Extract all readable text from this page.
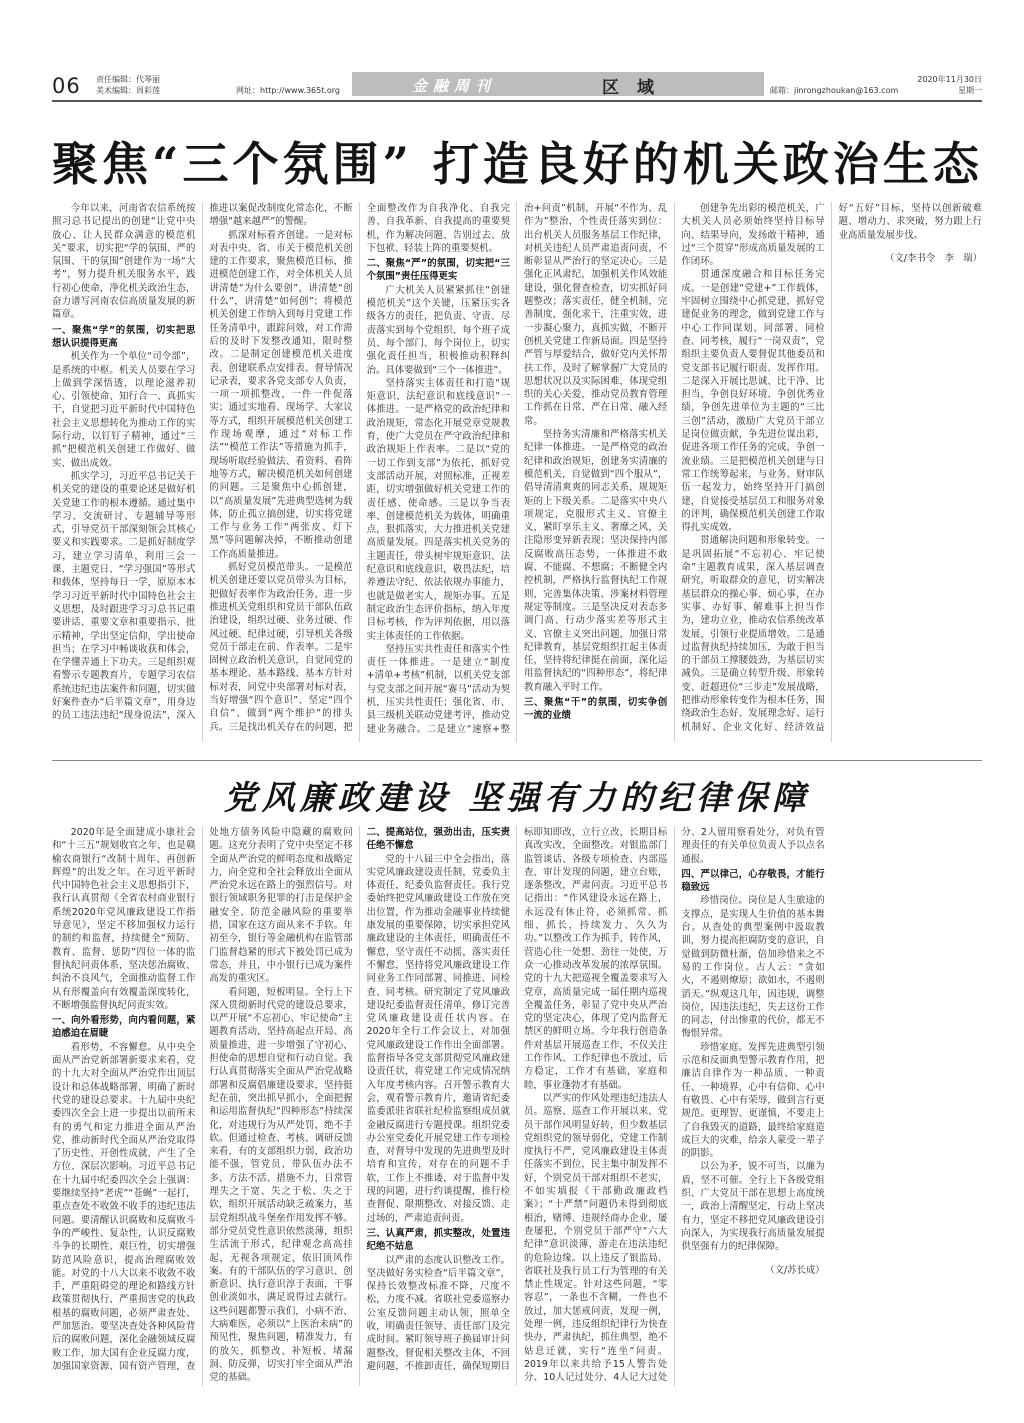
06 责任编辑：代琴丽
美术编辑：周彩莲	网址：http://www.365t.org	金融周刊	区域	邮箱：jinrongzhoukan@163.com
2020年11月30日
星期一
聚焦“三个氛围” 打造良好的机关政治生态

今年以来，河南省农信系统按照习总书记提出的创建“让党中央放心、让人民群众满意的模范机关”要求，切实把“学的氛围、严的氛围、干的氛围”创建作为一场“大考”，努力提升机关服务水平，践行初心使命，净化机关政治生态，奋力谱写河南农信高质量发展的新篇章。

一、聚焦“学”的氛围，切实把思想认识提得更高

机关作为一个单位“司令部”，是系统的中枢。机关人员要在学习上做到学深悟透，以理论滋养初心、引领使命、知行合一、真抓实干，自觉把习近平新时代中国特色社会主义思想转化为推动工作的实际行动，以钉钉子精神，通过“三抓”把模范机关创建工作做好、做实、做出成效。

抓实学习，习近平总书记关于机关党的建设的重要论述是做好机关党建工作的根本遵循。通过集中学习、交流研讨、专题辅导等形式，引导党员干部深刻领会其核心要义和实践要求。二是抓好制度学习，建立学习清单，利用三会一课、主题党日、“学习强国”等形式和载体，坚持每日一学，原原本本学习习近平新时代中国特色社会主义思想，及时跟进学习习总书记重要讲话、重要文章和重要指示、批示精神，学出坚定信仰，学出使命担当；在学习中畅谈收获和体会，在学懂弄通上下功夫。三是组织观看警示专题教育片，专题学习农信系统违纪违法案件和问题，切实做好案件查办“后半篇文章”，用身边的员工违法违纪“现身说法”，深入推进以案促改制度化常态化，不断增强“越来越严”的警醒。

抓深对标看齐创建。一是对标对表中央、省、市关于模范机关创建的工作要求，聚焦模范目标，推进模范创建工作，对全体机关人员讲清楚“为什么要创”，讲清楚“创什么”，讲清楚“如何创”；将模范机关创建工作纳入到每月党建工作任务清单中，跟踪问效，对工作滞后的及时下发整改通知，限时整改。二是制定创建模范机关进度表、创建联系点安排表、督导情况记录表，要求各党支部专人负责，一项一项抓整改，一件一件促落实；通过实地看、现场学、大家议等方式，组织开展模范机关创建工作现场观摩，通过“对标工作法”“模范工作法”等措施为抓手，现场听取经验做法、看资料、看阵地等方式，解决模范机关如何创建的问题。三是聚焦中心抓创建，以“高质量发展”先进典型选树为载体，防止孤立搞创建，切实将党建工作与业务工作“两张皮、灯下黑”等问题解决掉，不断推动创建工作高质量推进。

抓好党员模范带头。一是模范机关创建还要以党员带头为目标，把做好表率作为政治任务，进一步推进机关党组织和党员干部队伍政治建设，组织过硬、业务过硬、作风过硬、纪律过硬，引导机关各级党员干部走在前、作表率。二是牢固树立政治机关意识，自觉同党的基本理论、基本路线、基本方针对标对表，同党中央部署对标对表，当好增强“四个意识”、坚定“四个自信”、做到“两个维护”的排头兵。三是找出机关存在的问题，把全面整改作为自我净化、自我完善、自我革新、自我提高的重要契机，作为解决问题、告别过去、放下包袱、轻装上阵的重要契机。

二、聚焦“严”的氛围，切实把“三个氛围”责任压得更实

广大机关人员紧紧抓住“创建模范机关”这个关键，压紧压实各级各方的责任，把负责、守责、尽责落实到每个党组织、每个班子成员、每个部门、每个岗位上，切实强化责任担当，积极推动积释纠治。具体要做到“三个一体推进”。

坚持落实主体责任和打造“规矩意识、法纪意识和底线意识”一体推进。一是严格党的政治纪律和政治规矩，常态化开展党章党规教育，使广大党员在严守政治纪律和政治规矩上作表率。二是以“党的一切工作到支部”为依托，抓好党支部活动开展，对照标准，正视差距，切实增强做好机关党建工作的责任感、使命感。三是以争当表率、创建模范机关为载体，明确重点，狠抓落实，大力推进机关党建高质量发展。四是落实机关党务的主题责任，带头树牢规矩意识、法纪意识和底线意识，敬畏法纪，培养遵法守纪、依法依规办事能力，也就是做老实人，规矩办事。五是制定政治生态评价指标，纳入年度目标考核，作为评判依据，用以落实主体责任的工作依据。

坚持压实共性责任和落实个性责任一体推进。一是建立“制度+清单+考核”机制，以机关党支部与党支部之间开展“赛马”活动为契机，压实共性责任；强化省、市、县三级机关联动党建考评，推动党建业务融合。二是建立“速察+整治+问责”机制，开展“不作为、乱作为”整治，个性责任落实到位：出台机关人员服务基层工作纪律，对机关违纪人员严肃追责问责，不断彰显从严治行的坚定决心。三是强化正风肃纪，加强机关作风效能建设，强化督查检查，切实抓好问题整改；落实责任，健全机制，完善制度，强化求干，注重实效，进一步凝心聚力，真抓实做，不断开创机关党建工作新局面。四是坚持严管与厚爱结合，做好党内关怀帮扶工作，及时了解掌握广大党员的思想状况以及实际困难，体现党组织的关心关爱，推动党员教育管理工作抓在日常、严在日常、融入经常。

坚持务实清廉和严格落实机关纪律一体推进。一是严格党的政治纪律和政治规矩，创建务实清廉的模范机关，自觉做到“四个服从”，倡导清清爽爽的同志关系，规规矩矩的上下级关系。二是落实中央八项规定，克服形式主义、官僚主义，紧盯享乐主义、奢靡之风，关注隐形变异新表现；坚决保持内部反腐败高压态势，一体推进不敢腐、不能腐、不想腐；不断健全内控机制，严格执行监督执纪工作规则，完善集体决策、涉案材料管理规定等制度。三是坚决反对表态多调门高、行动少落实差等形式主义、官僚主义突出问题，加强日常纪律教育，基层党组织扛起主体责任，坚持将纪律挺在前面，深化运用监督执纪的“四种形态”，将纪律教育融入平时工作。

三、聚焦“干”的氛围，切实争创一流的业绩

创建争先出彩的模范机关，广大机关人员必须始终坚持目标导向、结果导向，发扬敢干精神，通过“三个贯穿”形成高质量发展的工作闭环。

贯通深度融合和目标任务完成。一是创建“党建+”工作载体，牢固树立围绕中心抓党建，抓好党建促业务的理念，做到党建工作与中心工作同谋划、同部署、同检查、同考核，履行“一岗双责”，党组织主要负责人要督促其他委员和党支部书记履行职责、发挥作用。二是深入开展比思诚、比干净、比担当，争创良好环境、争创优秀业绩，争创先进单位为主题的“三比三创”活动，激励广大党员干部立足岗位做贡献，争先进位谋出彩，促进各项工作任务的完成，争创一流业绩。三是把模范机关创建与日常工作统筹起来，与业务、财审队伍一起发力，始终坚持开门搞创建，自觉接受基层员工和服务对象的评判，确保模范机关创建工作取得扎实成效。

贯通解决问题和形象转变。一是巩固拓展“不忘初心、牢记使命”主题教育成果，深入基层调查研究，听取群众的意见，切实解决基层群众的操心事、烦心事，在办实事、办好事、解难事上担当作为，建功立业，推动农信系统改革发展，引领行业提质增效。二是通过监督执纪持续加压，为敢于担当的干部员工撑腰鼓劲，为基层切实减负。三是确立转型升级、形象转变、赶超进位“三步走”发展战略，把推动形象转变作为根本任务，围绕政治生态好、发展理念好、运行机制好、企业文化好、经济效益好“五好”目标，坚持以创新破难题、增动力、求突破，努力跟上行业高质量发展步伐。

（文/李书令　李　瑞）

党风廉政建设 坚强有力的纪律保障

2020年是全面建成小康社会和“十三五”规划收官之年，也是赣榆农商银行“改制十周年、再创新辉煌”的出发之年。在习近平新时代中国特色社会主义思想指引下，我行认真贯彻《全省农村商业银行系统2020年党风廉政建设工作指导意见》，坚定不移加强权力运行的制约和监督，持续健全“预防、教育、监督、惩防”四位一体的监督执纪问责体系，坚决惩治腐败、纠治不良风气，全面推动监督工作从有形覆盖向有效覆盖深度转化，不断增强监督执纪问责实效。

一、向外看形势，向内看问题，紧迫感迫在眉睫

看形势，不容懈怠。从中央全面从严治党新部署新要求来看，党的十九大对全面从严治党作出顶层设计和总体战略部署，明确了新时代党的建设总要求。十九届中央纪委四次全会上进一步提出以前所未有的勇气和定力推进全面从严治党，推动新时代全面从严治党取得了历史性、开创性成就，产生了全方位、深层次影响。习近平总书记在十九届中纪委四次全会上强调：要继续坚持“老虎”“苍蝇”一起打，重点查处不收敛不收手的违纪违法问题。要清醒认识腐败和反腐败斗争的严峻性、复杂性，认识反腐败斗争的长期性、艰巨性，切实增强防范风险意识，提高治理腐败效能。对党的十八大以来不收敛不收手，严重阻碍党的理论和路线方针政策贯彻执行、严重损害党的执政根基的腐败问题，必须严肃查处、严加惩治。要坚决查处各种风险背后的腐败问题，深化金融领域反腐败工作，加大国有企业反腐力度，加强国家资源、国有资产管理，查处地方债务风险中隐藏的腐败问题。这充分表明了党中央坚定不移全面从严治党的鲜明态度和战略定力，向全党和全社会释放出全面从严治党永远在路上的强烈信号。对银行领域职务犯罪的打击是保护金融安全、防范金融风险的重要举措，国家在这方面从来不手软。年初至今，银行等金融机构在监管部门监督趋紧的形式下被处罚已成为常态，并且，中小银行已成为案件高发的重灾区。

看问题，短板明显。全行上下深入贯彻新时代党的建设总要求，以严开展“不忘初心、牢记使命”主题教育活动，坚持高起点开局、高质量推进，进一步增强了守初心、担使命的思想自觉和行动自觉。我行认真贯彻落实全面从严治党战略部署和反腐倡廉建设要求，坚持挺纪在前，突出抓早抓小，全面把握和运用监督执纪“四种形态”持续深化，对违规行为从严处罚，绝不手软。但通过检查、考核、调研反馈来看，有的支部组织力弱，政治功能不强，管党员、带队伍办法不多、方法不活、措施不力，日常管理失之于宽、失之于松、失之于软，组织开展活动缺乏疏案力，基层党组织战斗堡垒作用发挥不够。部分党员党性意识依然淡薄，组织生活流于形式，纪律观念高高挂起，无视各项规定，依旧顶风作案。有的干部队伍的学习意识、创新意识、执行意识淳于表面，干事创业淡如水，满足说得过去就行。这些问题都警示我们，小病不治、大病难医，必须以“上医治未病”的预见性，聚焦问题，精准发力，有的放矢，抓整改、补短板、堵漏洞、防反弹，切实打牢全面从严治党的基础。

二、提高站位，强劲出击，压实责任绝不懈怠

党的十八届三中全会指出，落实党风廉政建设责任制，党委负主体责任，纪委负监督责任。我行党委始终把党风廉政建设工作放在突出位置，作为推动金融事业持续健康发展的重要保障，切实承担党风廉政建设的主体责任，明确责任不懈怠，坚守责任不动摇，落实责任不懈怠，坚持将党风廉政建设工作同业务工作同部署、同推进、同检查、同考核。研究制定了党风廉政建设纪委监督责任清单，修订完善党风廉政建设责任状内容。在2020年全行工作会议上，对加强党风廉政建设工作作出全面部署。监督指导各党支部贯彻党风廉政建设责任状，将党建工作完成情况纳入年度考核内容。召开警示教育大会，观看警示教育片，邀请省纪委监委派驻省联社纪检监察组成员就金融反腐进行专题授课。组织党委办公室党委化开展党建工作专项检查，对督导中发现的先进典型及时培育和宣传，对存在的问题不手软，工作上不推诿，对于监督中发现的问题，进行约谈提醒，推行检查督促、限期整改、对接反馈、走过场的，严肃追责问责。

三、认真严肃，抓实整改，处置违纪绝不姑息

以严肃的态度认识整改工作。坚决做好务实检查“后半篇文章”，保持长效整改标准不降，尺度不松，力度不减。省联社党委巡察办公室反馈问题主动认领，照单全收，明确责任领导、责任部门及完成时间。紧盯领导班子换届审计问题整改，督促相关整改主体，不回避问题，不推卸责任，确保短期目标即知即改，立行立改，长期目标真改实改，全面整改。对银监部门监管谈话、各级专项检查、内部巡查、审计发现的问题，建立台账，逐条整改，严肃问责。习近平总书记指出：“作风建设永远在路上，永远没有休止符，必须抓常、抓细、抓长，持续发力、久久为功。”以整改工作为抓手，转作风，营造心往一处想、劲往一处使，万众一心推动改革发展的浓厚氛围。党的十九大把巡视全覆盖要求写入党章，高质量完成一届任期内巡视全覆盖任务，彰显了党中央从严治党的坚定决心，体现了党内监督无禁区的鲜明立场。今年我行创造条件对基层开展巡查工作，不仅关注工作作风、工作纪律也不放过，后方稳定，工作才有基础，家庭和睦，事业蓬勃才有基础。

以严实的作风处理违纪违法人员。巡察、巡查工作开展以来，党员干部作风明显好转，但少数基层党组织党的领导弱化，党建工作制度执行不严，党风廉政建设主体责任落实不到位，民主集中制发挥不好，个别党员干部对组织不老实，不如实填报《干部勤政廉政档案》；“十严禁”问题仍未得到彻底根治，赌博、违规经商办企业，屡查屡犯，个别党员干部严守“六大纪律”意识淡薄，游走在违法违纪的危险边缘。以上违反了银监局、省联社及我行员工行为管理的有关禁止性规定。针对这些问题，“零容忍”，一条也不含糊，一件也不放过，加大惩戒问责，发现一例，处理一例，违反组织纪律行为快查快办，严肃执纪，抓住典型，绝不姑息迁就，实行“连坐”问责。2019年以来共给予15人警告处分、10人记过处分、4人记大过处分、2人留用察看处分，对负有管理责任的有关单位负责人予以点名通报。

四、严以律己，心存敬畏，才能行稳致远

珍惜岗位。岗位是人生旅途的支撑点，是实现人生价值的基本舞台。从查处的典型案例中汲取教训，努力提高拒腐防变的意识，自觉做到防微杜渐，倍加珍惜来之不易的工作岗位。古人云：“贪如火，不遏则燎原；欲如水，不遏则滔天。”纵观这几年，因违规，调整岗位，因违法违纪，失去这份工作的同志，付出惨重的代价，都无不悔恨异常。

珍惜家庭。发挥先进典型引领示范和反面典型警示教育作用，把廉洁自律作为一种品质、一种责任、一种境界，心中有信仰、心中有敬畏、心中有荣辱，做到言行更规范。更理智、更谨慎，不要走上了自我毁灭的道路，最终给家庭造成巨大的灾难，给亲人蒙受一辈子的阴影。

以公为矛，锐不可当，以廉为盾，坚不可催。全行上下各级党组织、广大党员干部在思想上高度统一，政治上清醒坚定，行动上坚决有力，坚定不移把党风廉政建设引向深入，为实现我行高质量发展提供坚强有力的纪律保障。

（文/苏长成）
